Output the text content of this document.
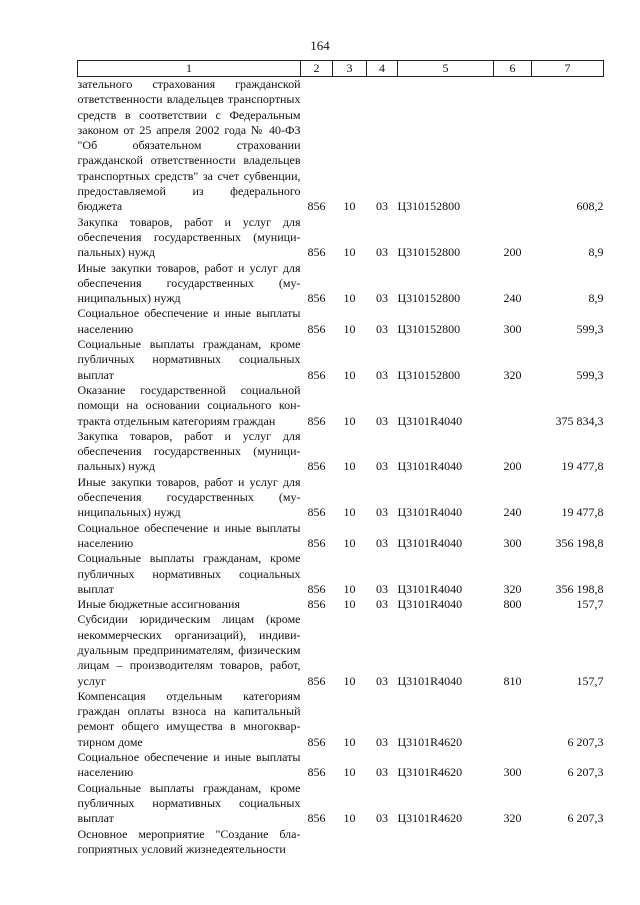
164
1	2	3	4	5	6	7
зательного страхования гражданской ответственности владельцев транспортных средств в соответствии с Федеральным законом от 25 апреля 2002 года № 40-ФЗ "Об обязательном страховании гражданской ответственности владельцев транспортных средств" за счет субвенции, предоставляемой из федерального бюджета	856	10	03	Ц310152800		608,2
Закупка товаров, работ и услуг для обеспечения государственных (муниципальных) нужд	856	10	03	Ц310152800	200	8,9
Иные закупки товаров, работ и услуг для обеспечения государственных (муниципальных) нужд	856	10	03	Ц310152800	240	8,9
Социальное обеспечение и иные выплаты населению	856	10	03	Ц310152800	300	599,3
Социальные выплаты гражданам, кроме публичных нормативных социальных выплат	856	10	03	Ц310152800	320	599,3
Оказание государственной социальной помощи на основании социального контракта отдельным категориям граждан	856	10	03	Ц3101R4040		375 834,3
Закупка товаров, работ и услуг для обеспечения государственных (муниципальных) нужд	856	10	03	Ц3101R4040	200	19 477,8
Иные закупки товаров, работ и услуг для обеспечения государственных (муниципальных) нужд	856	10	03	Ц3101R4040	240	19 477,8
Социальное обеспечение и иные выплаты населению	856	10	03	Ц3101R4040	300	356 198,8
Социальные выплаты гражданам, кроме публичных нормативных социальных выплат	856	10	03	Ц3101R4040	320	356 198,8
Иные бюджетные ассигнования	856	10	03	Ц3101R4040	800	157,7
Субсидии юридическим лицам (кроме некоммерческих организаций), индивидуальным предпринимателям, физическим лицам – производителям товаров, работ, услуг	856	10	03	Ц3101R4040	810	157,7
Компенсация отдельным категориям граждан оплаты взноса на капитальный ремонт общего имущества в многоквартирном доме	856	10	03	Ц3101R4620		6 207,3
Социальное обеспечение и иные выплаты населению	856	10	03	Ц3101R4620	300	6 207,3
Социальные выплаты гражданам, кроме публичных нормативных социальных выплат	856	10	03	Ц3101R4620	320	6 207,3
Основное мероприятие "Создание благоприятных условий жизнедеятельности						
